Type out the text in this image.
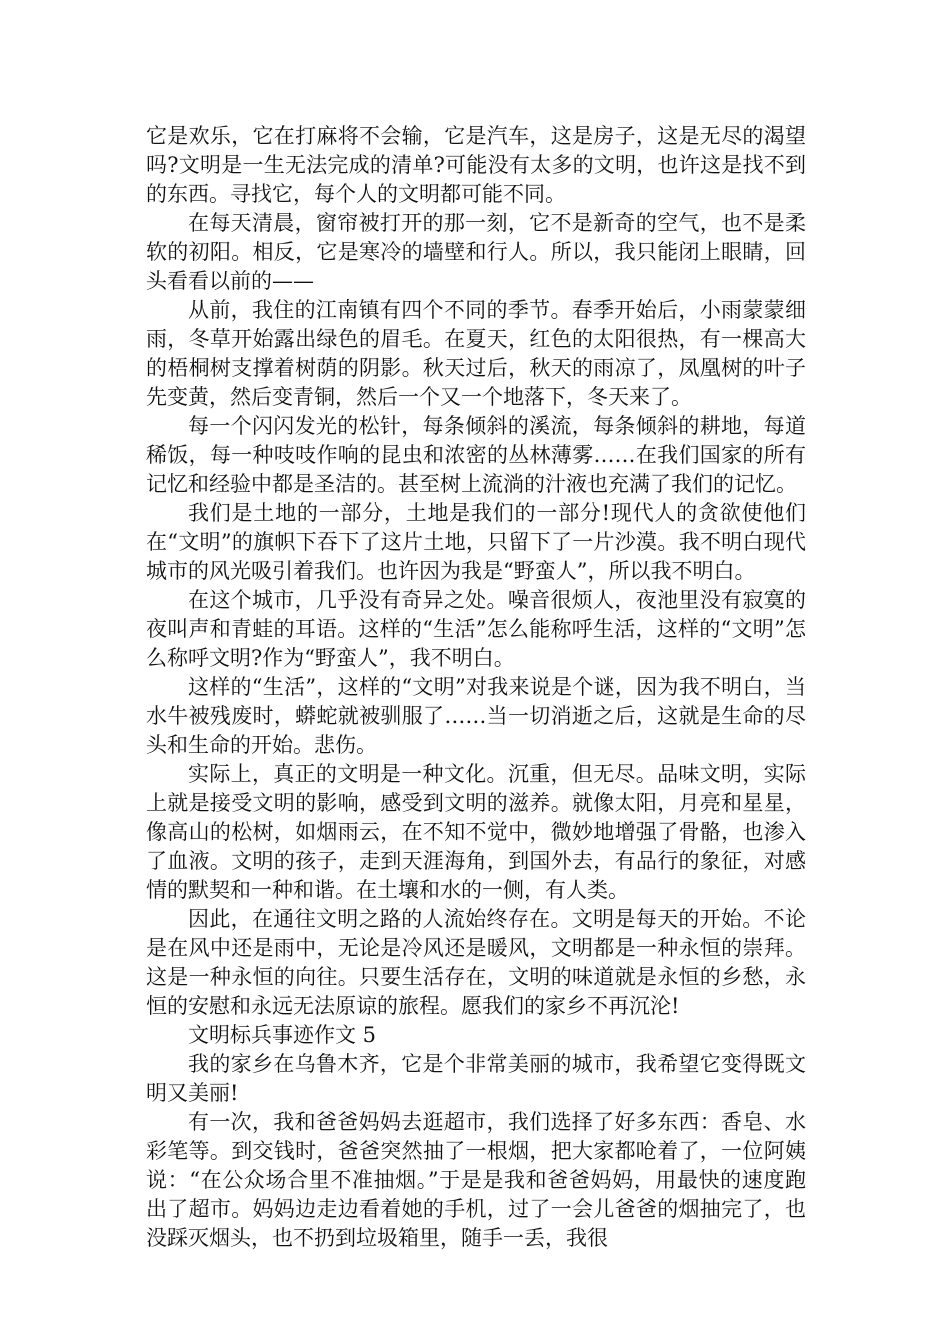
它是欢乐，它在打麻将不会输，它是汽车，这是房子，这是无尽的渴望吗?文明是一生无法完成的清单?可能没有太多的文明，也许这是找不到的东西。寻找它，每个人的文明都可能不同。

在每天清晨，窗帘被打开的那一刻，它不是新奇的空气，也不是柔软的初阳。相反，它是寒冷的墙壁和行人。所以，我只能闭上眼睛，回头看看以前的——

从前，我住的江南镇有四个不同的季节。春季开始后，小雨蒙蒙细雨，冬草开始露出绿色的眉毛。在夏天，红色的太阳很热，有一棵高大的梧桐树支撑着树荫的阴影。秋天过后，秋天的雨凉了，凤凰树的叶子先变黄，然后变青铜，然后一个又一个地落下，冬天来了。

每一个闪闪发光的松针，每条倾斜的溪流，每条倾斜的耕地，每道稀饭，每一种吱吱作响的昆虫和浓密的丛林薄雾……在我们国家的所有记忆和经验中都是圣洁的。甚至树上流淌的汁液也充满了我们的记忆。

我们是土地的一部分，土地是我们的一部分!现代人的贪欲使他们在“文明”的旗帜下吞下了这片土地，只留下了一片沙漠。我不明白现代城市的风光吸引着我们。也许因为我是“野蛮人”，所以我不明白。

在这个城市，几乎没有奇异之处。噪音很烦人，夜池里没有寂寞的夜叫声和青蛙的耳语。这样的“生活”怎么能称呼生活，这样的“文明”怎么称呼文明?作为“野蛮人”，我不明白。

这样的“生活”，这样的“文明”对我来说是个谜，因为我不明白，当水牛被残废时，蟒蛇就被驯服了……当一切消逝之后，这就是生命的尽头和生命的开始。悲伤。

实际上，真正的文明是一种文化。沉重，但无尽。品味文明，实际上就是接受文明的影响，感受到文明的滋养。就像太阳，月亮和星星，像高山的松树，如烟雨云，在不知不觉中，微妙地增强了骨骼，也渗入了血液。文明的孩子，走到天涯海角，到国外去，有品行的象征，对感情的默契和一种和谐。在土壤和水的一侧，有人类。

因此，在通往文明之路的人流始终存在。文明是每天的开始。不论是在风中还是雨中，无论是冷风还是暖风，文明都是一种永恒的崇拜。这是一种永恒的向往。只要生活存在，文明的味道就是永恒的乡愁，永恒的安慰和永远无法原谅的旅程。愿我们的家乡不再沉沦!

文明标兵事迹作文 5

我的家乡在乌鲁木齐，它是个非常美丽的城市，我希望它变得既文明又美丽!

有一次，我和爸爸妈妈去逛超市，我们选择了好多东西：香皂、水彩笔等。到交钱时，爸爸突然抽了一根烟，把大家都呛着了，一位阿姨说：“在公众场合里不准抽烟。”于是是我和爸爸妈妈，用最快的速度跑出了超市。妈妈边走边看着她的手机，过了一会儿爸爸的烟抽完了，也没踩灭烟头，也不扔到垃圾箱里，随手一丢，我很
